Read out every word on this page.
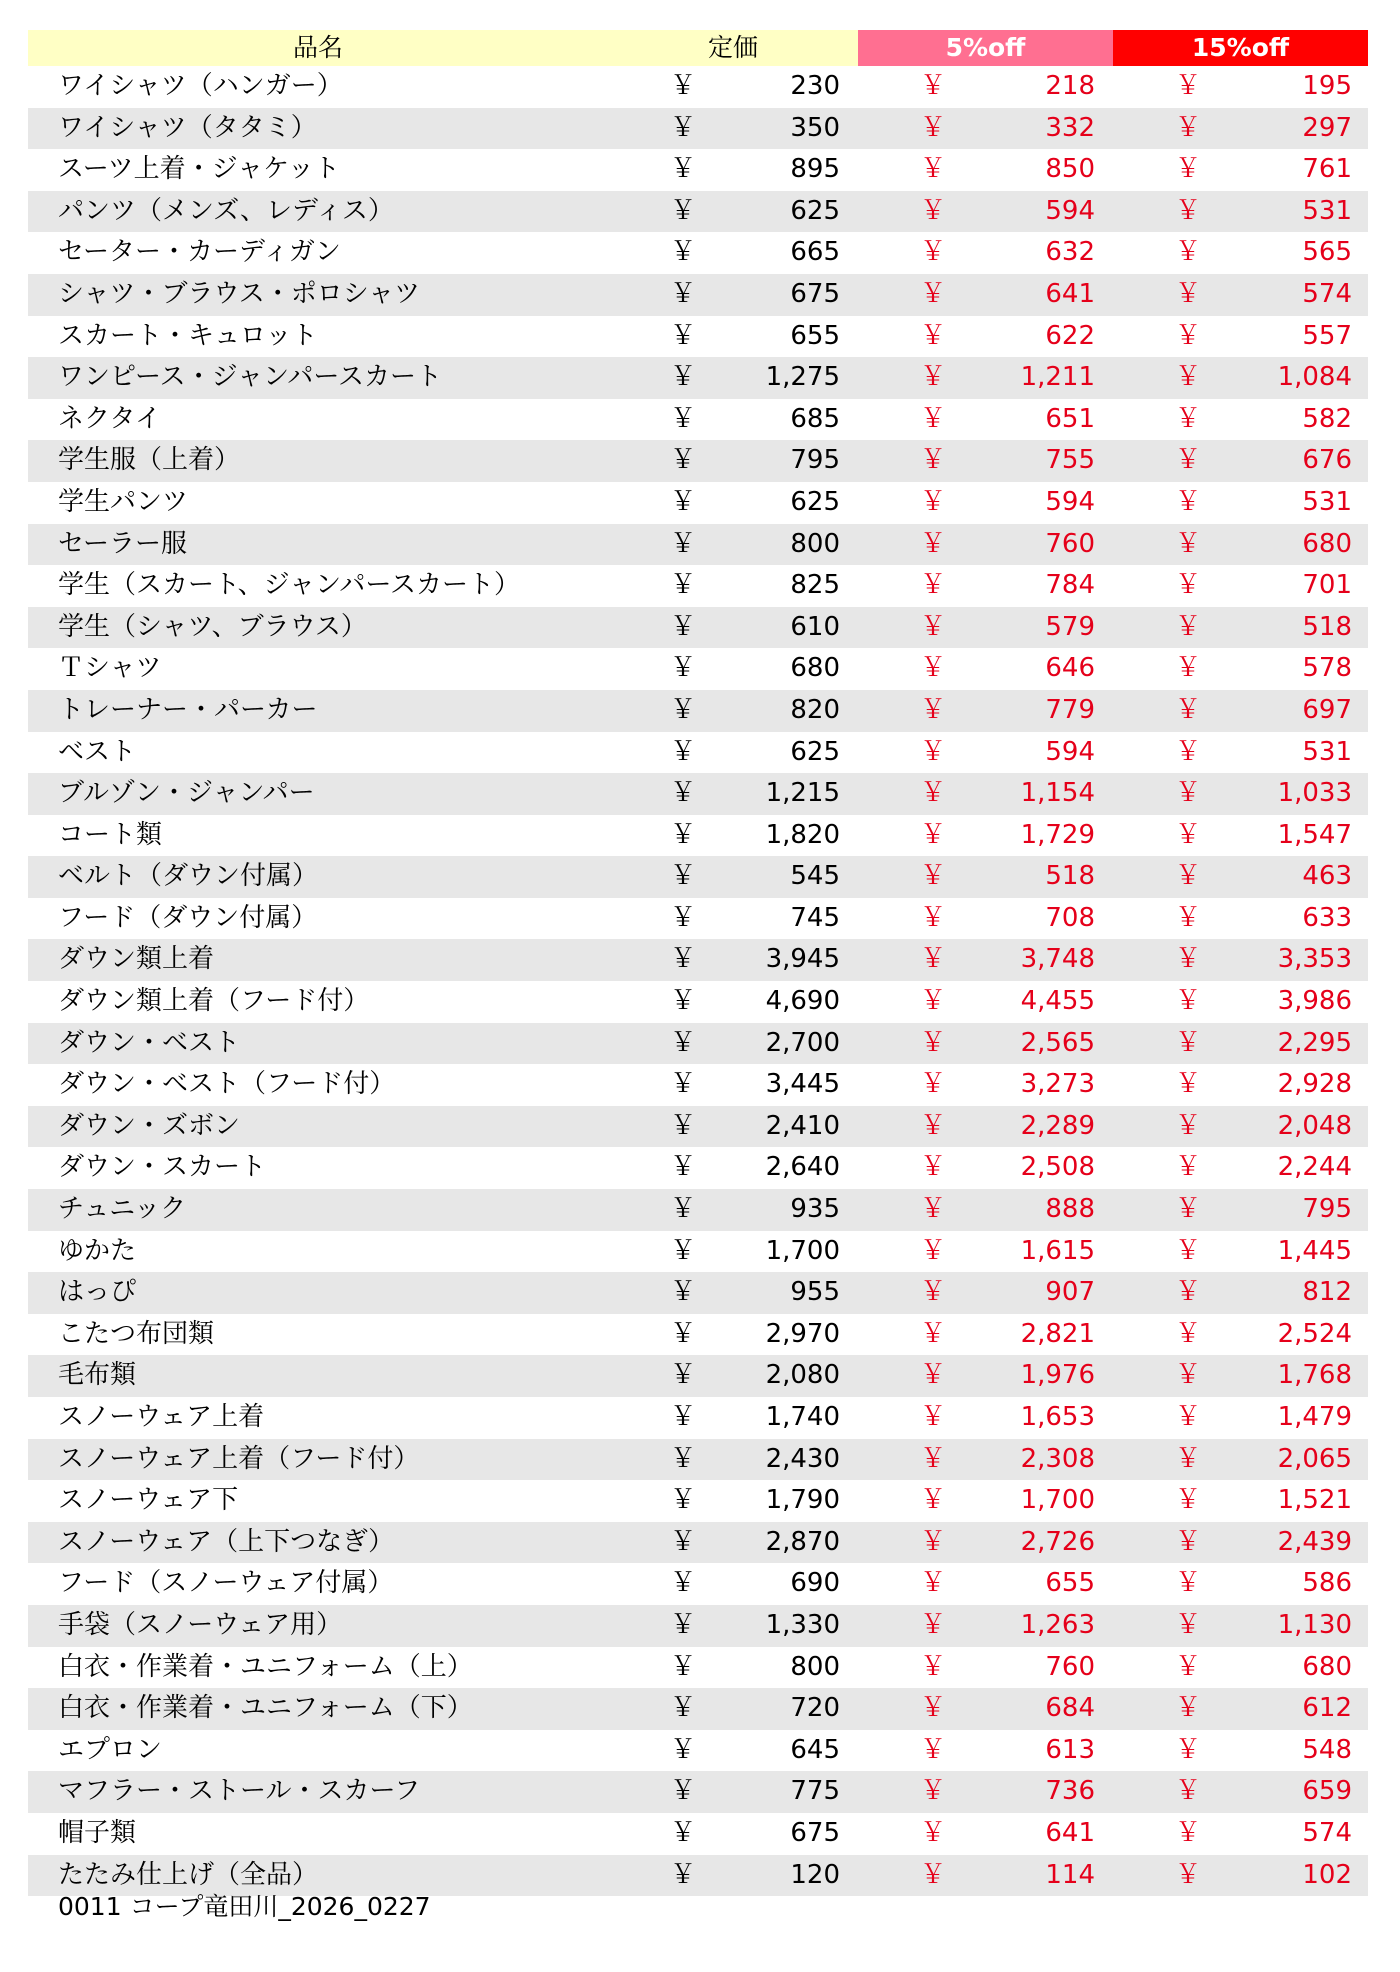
品名	定価	5%off	15%off
ワイシャツ（ハンガー）	￥	230	￥	218	￥	195
ワイシャツ（タタミ）	￥	350	￥	332	￥	297
スーツ上着・ジャケット	￥	895	￥	850	￥	761
パンツ（メンズ、レディス）	￥	625	￥	594	￥	531
セーター・カーディガン	￥	665	￥	632	￥	565
シャツ・ブラウス・ポロシャツ	￥	675	￥	641	￥	574
スカート・キュロット	￥	655	￥	622	￥	557
ワンピース・ジャンパースカート	￥	1,275	￥	1,211	￥	1,084
ネクタイ	￥	685	￥	651	￥	582
学生服（上着）	￥	795	￥	755	￥	676
学生パンツ	￥	625	￥	594	￥	531
セーラー服	￥	800	￥	760	￥	680
学生（スカート、ジャンパースカート）	￥	825	￥	784	￥	701
学生（シャツ、ブラウス）	￥	610	￥	579	￥	518
Ｔシャツ	￥	680	￥	646	￥	578
トレーナー・パーカー	￥	820	￥	779	￥	697
ベスト	￥	625	￥	594	￥	531
ブルゾン・ジャンパー	￥	1,215	￥	1,154	￥	1,033
コート類	￥	1,820	￥	1,729	￥	1,547
ベルト（ダウン付属）	￥	545	￥	518	￥	463
フード（ダウン付属）	￥	745	￥	708	￥	633
ダウン類上着	￥	3,945	￥	3,748	￥	3,353
ダウン類上着（フード付）	￥	4,690	￥	4,455	￥	3,986
ダウン・ベスト	￥	2,700	￥	2,565	￥	2,295
ダウン・ベスト（フード付）	￥	3,445	￥	3,273	￥	2,928
ダウン・ズボン	￥	2,410	￥	2,289	￥	2,048
ダウン・スカート	￥	2,640	￥	2,508	￥	2,244
チュニック	￥	935	￥	888	￥	795
ゆかた	￥	1,700	￥	1,615	￥	1,445
はっぴ	￥	955	￥	907	￥	812
こたつ布団類	￥	2,970	￥	2,821	￥	2,524
毛布類	￥	2,080	￥	1,976	￥	1,768
スノーウェア上着	￥	1,740	￥	1,653	￥	1,479
スノーウェア上着（フード付）	￥	2,430	￥	2,308	￥	2,065
スノーウェア下	￥	1,790	￥	1,700	￥	1,521
スノーウェア（上下つなぎ）	￥	2,870	￥	2,726	￥	2,439
フード（スノーウェア付属）	￥	690	￥	655	￥	586
手袋（スノーウェア用）	￥	1,330	￥	1,263	￥	1,130
白衣・作業着・ユニフォーム（上）	￥	800	￥	760	￥	680
白衣・作業着・ユニフォーム（下）	￥	720	￥	684	￥	612
エプロン	￥	645	￥	613	￥	548
マフラー・ストール・スカーフ	￥	775	￥	736	￥	659
帽子類	￥	675	￥	641	￥	574
たたみ仕上げ（全品）	￥	120	￥	114	￥	102
0011 コープ竜田川_2026_0227
